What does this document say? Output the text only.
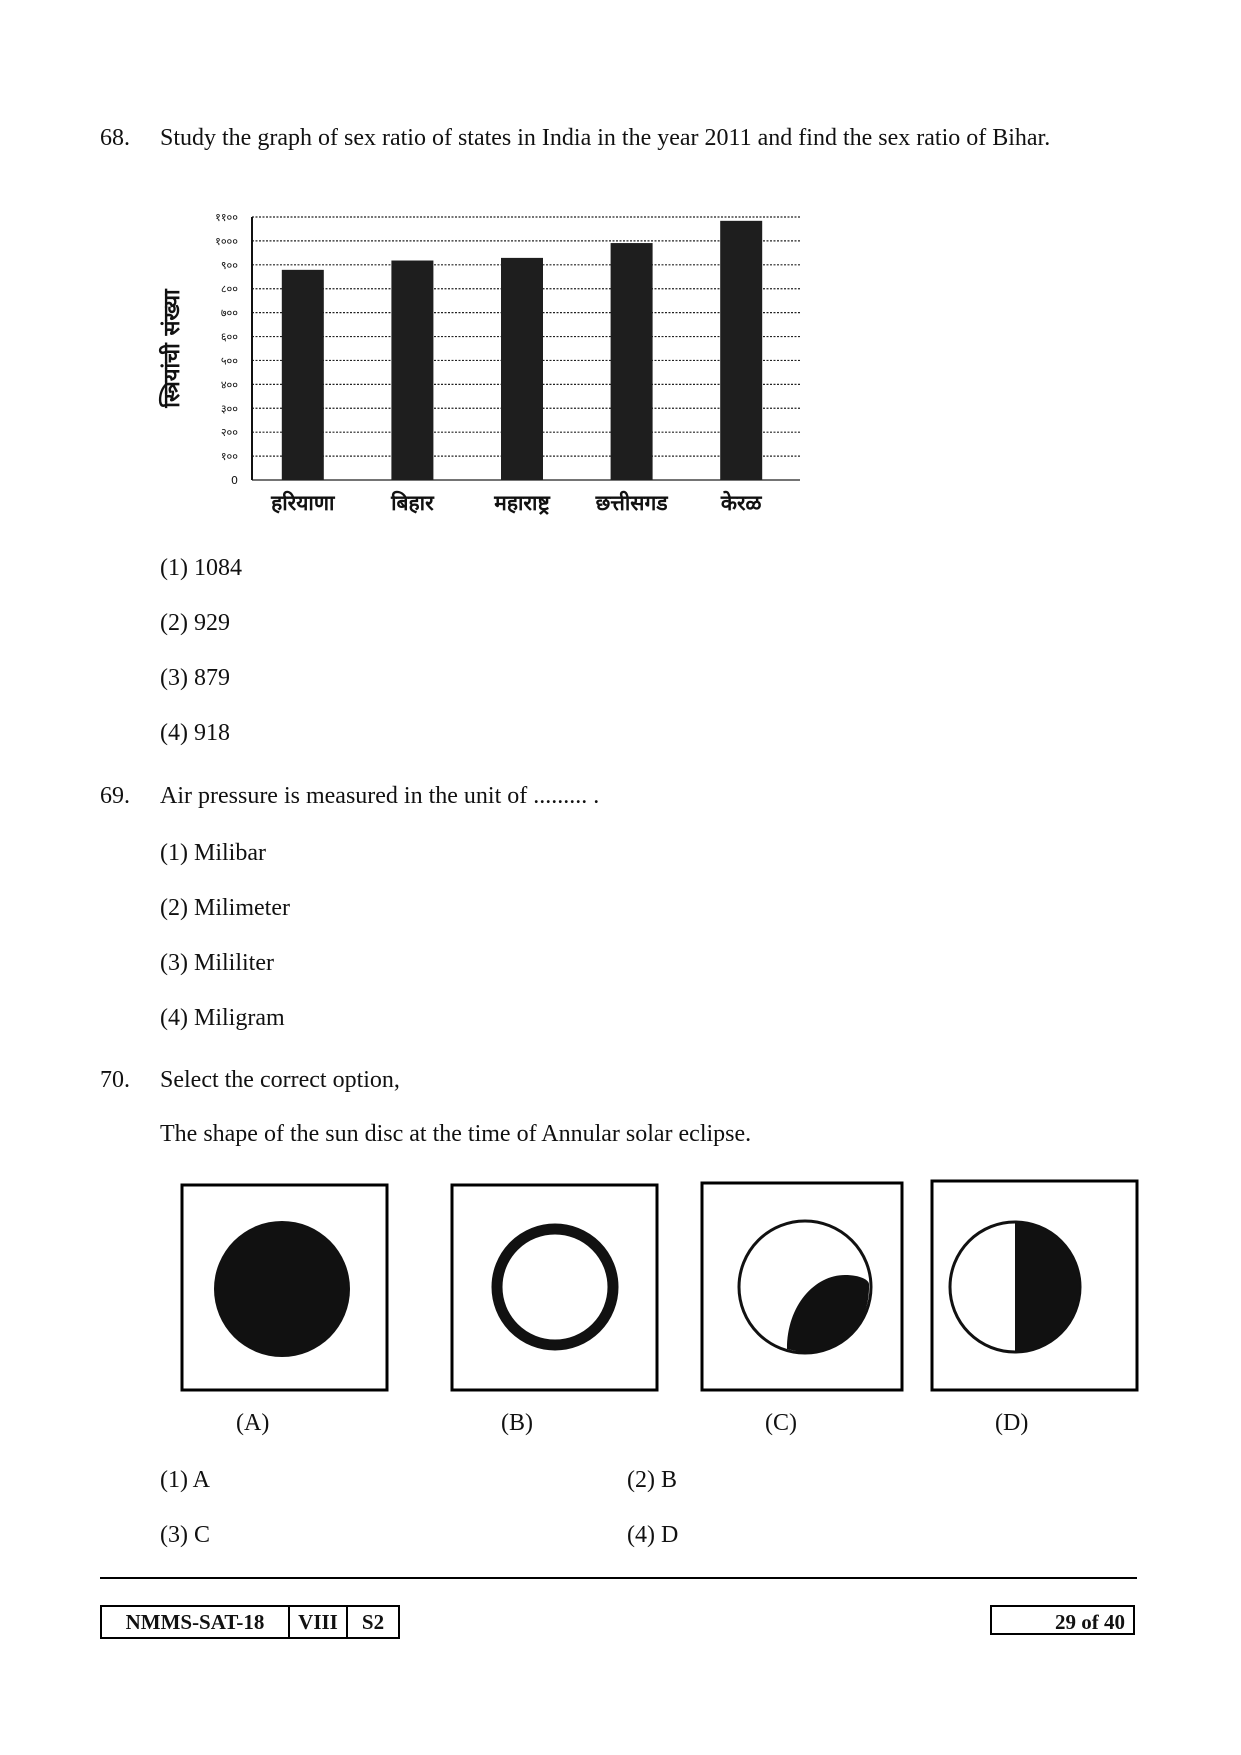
68. Study the graph of sex ratio of states in India in the year 2011 and find the sex ratio of Bihar.
0
१००
२००
३००
४००
५००
६००
७००
८००
९००
१०००
११००
स्त्रियांची संख्या
हरियाणा	बिहार	महाराष्ट्र छत्तीसगड	केरळ
(1) 1084
(2) 929
(3) 879
(4) 918
69. Air pressure is measured in the unit of ......... .
(1) Milibar
(2) Milimeter
(3) Mililiter
(4) Miligram
70. Select the correct option,
The shape of the sun disc at the time of Annular solar eclipse.
(A)	(B)	(C)	(D)
(1) A	(2) B
(3) C	(4) D
NMMS-SAT-18	VIII	S2	29 of 40
